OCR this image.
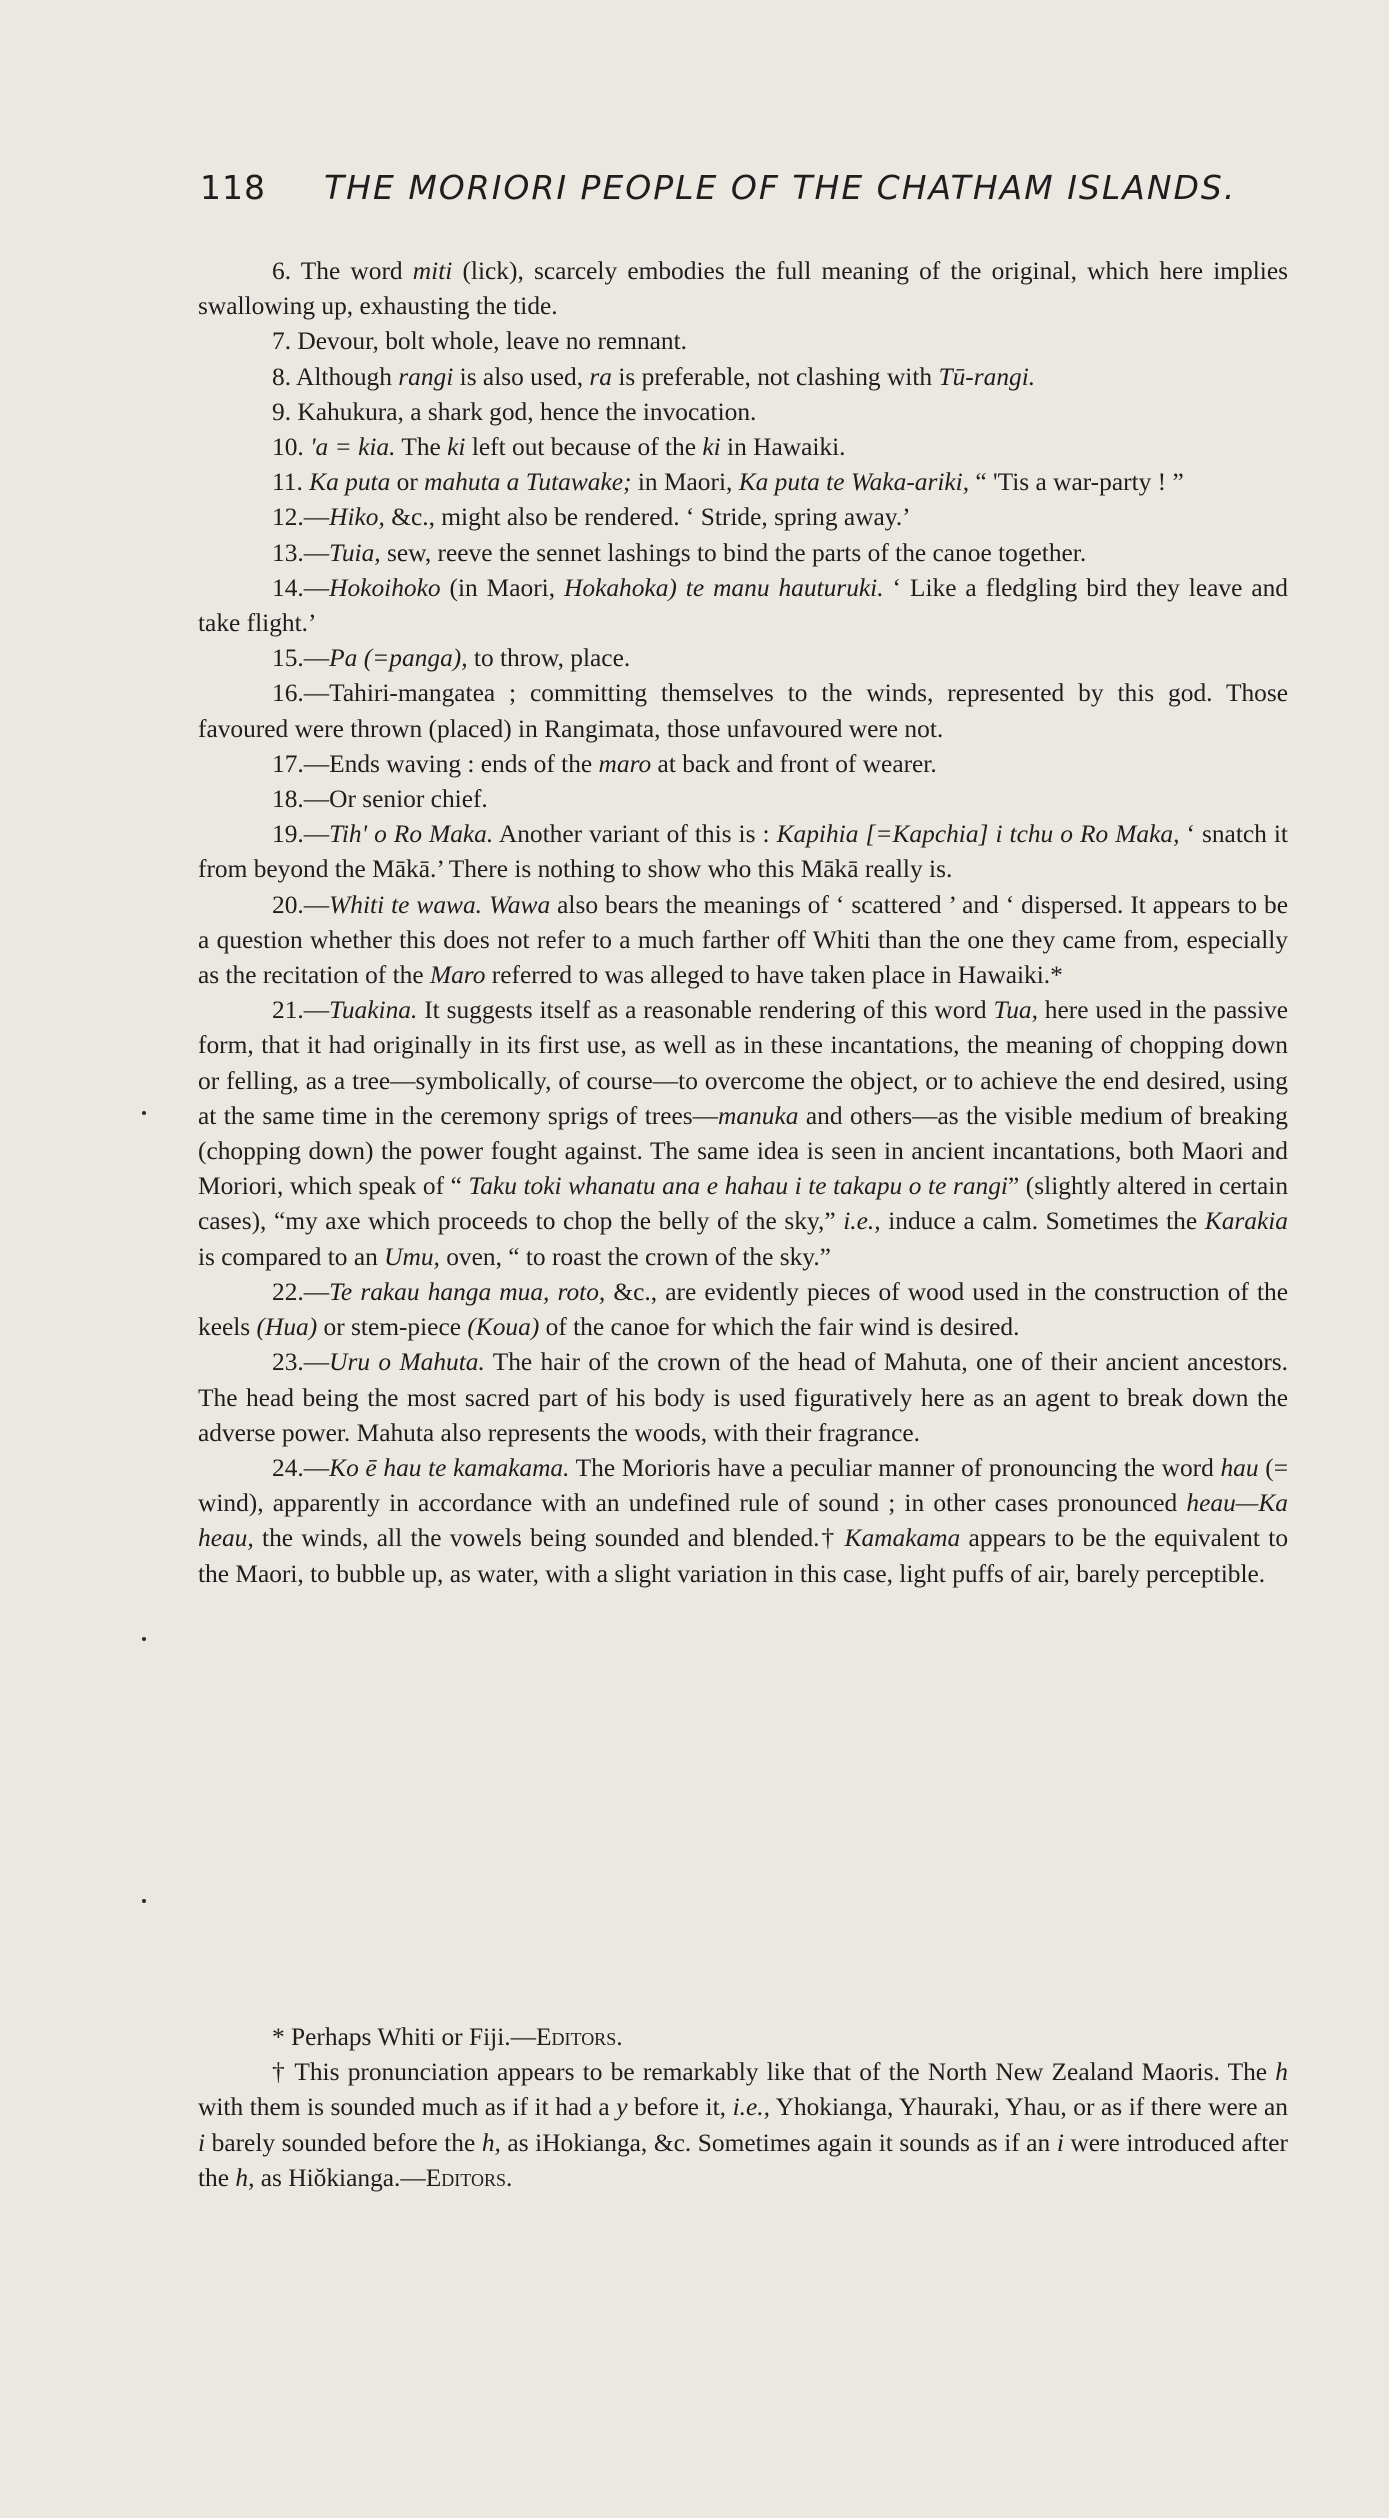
118 THE MORIORI PEOPLE OF THE CHATHAM ISLANDS.

6. The word miti (lick), scarcely embodies the full meaning of the original, which here implies swallowing up, exhausting the tide.

7. Devour, bolt whole, leave no remnant.

8. Although rangi is also used, ra is preferable, not clashing with Tū-rangi.

9. Kahukura, a shark god, hence the invocation.

10. 'a = kia. The ki left out because of the ki in Hawaiki.

11. Ka puta or mahuta a Tutawake; in Maori, Ka puta te Waka-ariki, “ 'Tis a war-party ! ”

12.—Hiko, &c., might also be rendered. ‘ Stride, spring away.’

13.—Tuia, sew, reeve the sennet lashings to bind the parts of the canoe together.

14.—Hokoihoko (in Maori, Hokahoka) te manu hauturuki. ‘ Like a fledgling bird they leave and take flight.’

15.—Pa (=panga), to throw, place.

16.—Tahiri-mangatea ; committing themselves to the winds, represented by this god. Those favoured were thrown (placed) in Rangimata, those unfavoured were not.

17.—Ends waving : ends of the maro at back and front of wearer.

18.—Or senior chief.

19.—Tih' o Ro Maka. Another variant of this is : Kapihia [=Kapchia] i tchu o Ro Maka, ‘ snatch it from beyond the Mākā.’ There is nothing to show who this Mākā really is.

20.—Whiti te wawa. Wawa also bears the meanings of ‘ scattered ’ and ‘ dispersed. It appears to be a question whether this does not refer to a much farther off Whiti than the one they came from, especially as the recitation of the Maro referred to was alleged to have taken place in Hawaiki.*

21.—Tuakina. It suggests itself as a reasonable rendering of this word Tua, here used in the passive form, that it had originally in its first use, as well as in these incantations, the meaning of chopping down or felling, as a tree—symbolically, of course—to overcome the object, or to achieve the end desired, using at the same time in the ceremony sprigs of trees—manuka and others—as the visible medium of breaking (chopping down) the power fought against. The same idea is seen in ancient incantations, both Maori and Moriori, which speak of “ Taku toki whanatu ana e hahau i te takapu o te rangi” (slightly altered in certain cases), “my axe which proceeds to chop the belly of the sky,” i.e., induce a calm. Sometimes the Karakia is compared to an Umu, oven, “ to roast the crown of the sky.”

22.—Te rakau hanga mua, roto, &c., are evidently pieces of wood used in the construction of the keels (Hua) or stem-piece (Koua) of the canoe for which the fair wind is desired.

23.—Uru o Mahuta. The hair of the crown of the head of Mahuta, one of their ancient ancestors. The head being the most sacred part of his body is used figuratively here as an agent to break down the adverse power. Mahuta also represents the woods, with their fragrance.

24.—Ko ē hau te kamakama. The Morioris have a peculiar manner of pronouncing the word hau (= wind), apparently in accordance with an undefined rule of sound ; in other cases pronounced heau—Ka heau, the winds, all the vowels being sounded and blended.† Kamakama appears to be the equivalent to the Maori, to bubble up, as water, with a slight variation in this case, light puffs of air, barely perceptible.

* Perhaps Whiti or Fiji.—Editors.

† This pronunciation appears to be remarkably like that of the North New Zealand Maoris. The h with them is sounded much as if it had a y before it, i.e., Yhokianga, Yhauraki, Yhau, or as if there were an i barely sounded before the h, as iHokianga, &c. Sometimes again it sounds as if an i were introduced after the h, as Hiŏkianga.—Editors.
